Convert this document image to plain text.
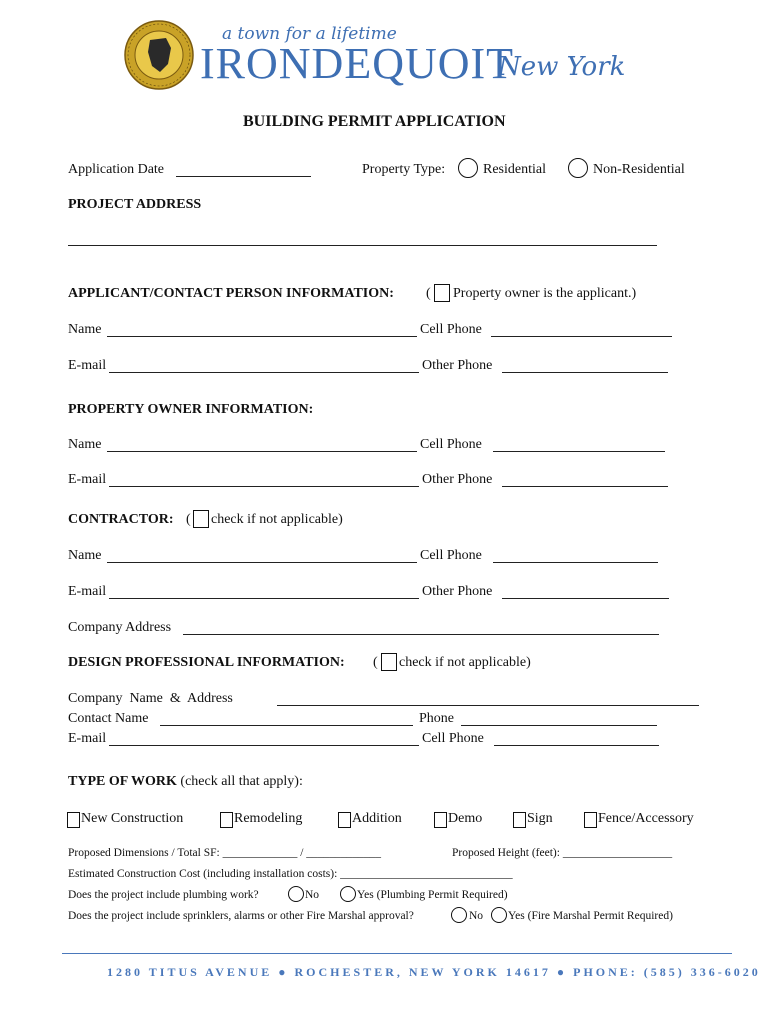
a town for a lifetime
IRONDEQUOIT
New York
BUILDING PERMIT APPLICATION
Application Date	Property Type:	Residential	Non-Residential
PROJECT ADDRESS
APPLICANT/CONTACT PERSON INFORMATION: ( Property owner is the applicant.)
Name	Cell Phone
E-mail	Other Phone
PROPERTY OWNER INFORMATION:
Name	Cell Phone
E-mail	Other Phone
CONTRACTOR: ( check if not applicable)
Name	Cell Phone
E-mail	Other Phone
Company Address
DESIGN PROFESSIONAL INFORMATION: ( check if not applicable)
Company  Name  &  Address
Contact Name	Phone
E-mail	Cell Phone
TYPE OF WORK (check all that apply):
New Construction	Remodeling	Addition	Demo	Sign	Fence/Accessory
Proposed Dimensions / Total SF: _____________ / _____________	Proposed Height (feet): ___________________
Estimated Construction Cost (including installation costs): ______________________________
Does the project include plumbing work?	No	Yes (Plumbing Permit Required)
Does the project include sprinklers, alarms or other Fire Marshal approval?	No Yes (Fire Marshal Permit Required)
1280 TITUS AVENUE ● ROCHESTER, NEW YORK 14617 ● PHONE: (585) 336-6020
